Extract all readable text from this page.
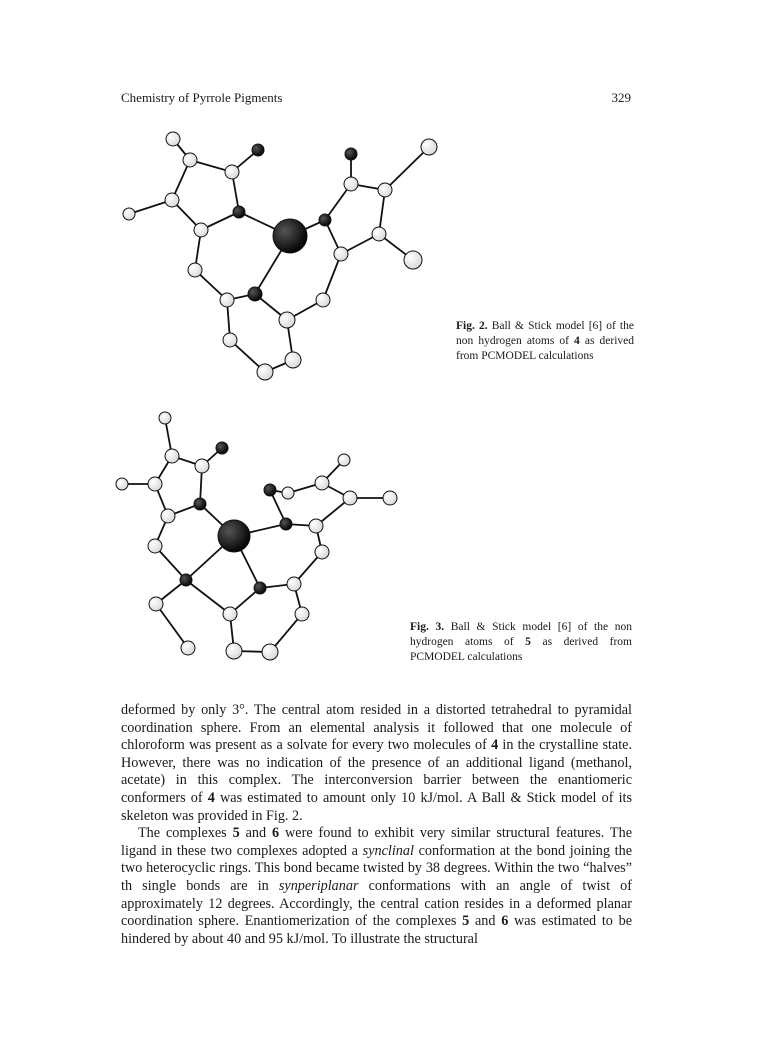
Chemistry of Pyrrole Pigments	329
Fig. 2. Ball & Stick model [6] of the non hydrogen atoms of 4 as derived from PCMODEL calculations
Fig. 3. Ball & Stick model [6] of the non hydrogen atoms of 5 as derived from PCMODEL calculations

deformed by only 3°. The central atom resided in a distorted tetrahedral to pyramidal coordination sphere. From an elemental analysis it followed that one molecule of chloroform was present as a solvate for every two molecules of 4 in the crystalline state. However, there was no indication of the presence of an additional ligand (methanol, acetate) in this complex. The interconversion barrier between the enantiomeric conformers of 4 was estimated to amount only 10 kJ/mol. A Ball & Stick model of its skeleton was provided in Fig. 2.

The complexes 5 and 6 were found to exhibit very similar structural features. The ligand in these two complexes adopted a synclinal conformation at the bond joining the two heterocyclic rings. This bond became twisted by 38 degrees. Within the two “halves” th single bonds are in synperiplanar conformations with an angle of twist of approximately 12 degrees. Accordingly, the central cation resides in a deformed planar coordination sphere. Enantiomerization of the complexes 5 and 6 was estimated to be hindered by about 40 and 95 kJ/mol. To illustrate the structural
